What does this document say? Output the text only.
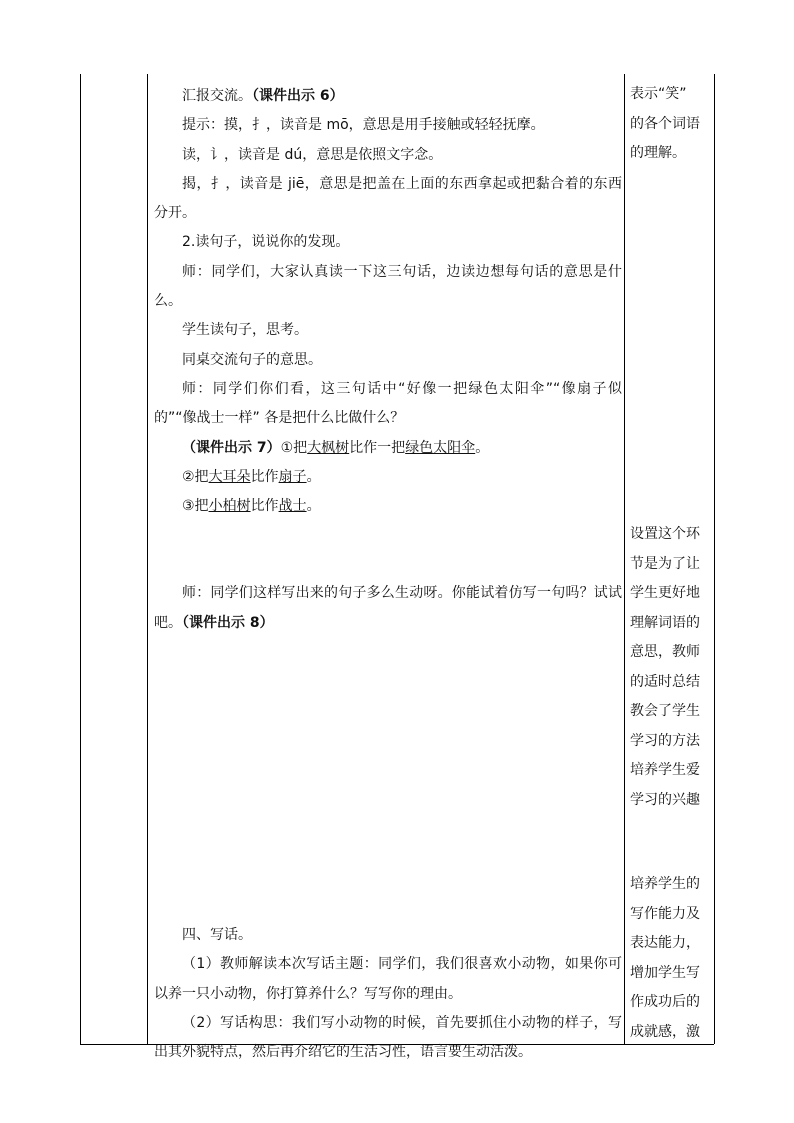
汇报交流。（课件出示 6）

提示：摸，扌，读音是 mō，意思是用手接触或轻轻抚摩。

读，讠，读音是 dú，意思是依照文字念。

揭，扌，读音是 jiē，意思是把盖在上面的东西拿起或把黏合着的东西分开。

2.读句子，说说你的发现。

师：同学们，大家认真读一下这三句话，边读边想每句话的意思是什么。

学生读句子，思考。

同桌交流句子的意思。

师：同学们你们看，这三句话中“好像一把绿色太阳伞”“像扇子似的”“像战士一样” 各是把什么比做什么？

（课件出示 7）①把大枫树比作一把绿色太阳伞。

②把大耳朵比作扇子。

③把小柏树比作战士。

师：同学们这样写出来的句子多么生动呀。你能试着仿写一句吗？试试吧。（课件出示 8）

四、写话。

（1）教师解读本次写话主题：同学们，我们很喜欢小动物，如果你可以养一只小动物，你打算养什么？写写你的理由。

（2）写话构思：我们写小动物的时候，首先要抓住小动物的样子，写出其外貌特点，然后再介绍它的生活习性，语言要生动活泼。

表示“笑”
的各个词语
的理解。
设置这个环
节是为了让
学生更好地
理解词语的
意思，教师
的适时总结
教会了学生
学习的方法
培养学生爱
学习的兴趣
培养学生的
写作能力及
表达能力，
增加学生写
作成功后的
成就感，激
